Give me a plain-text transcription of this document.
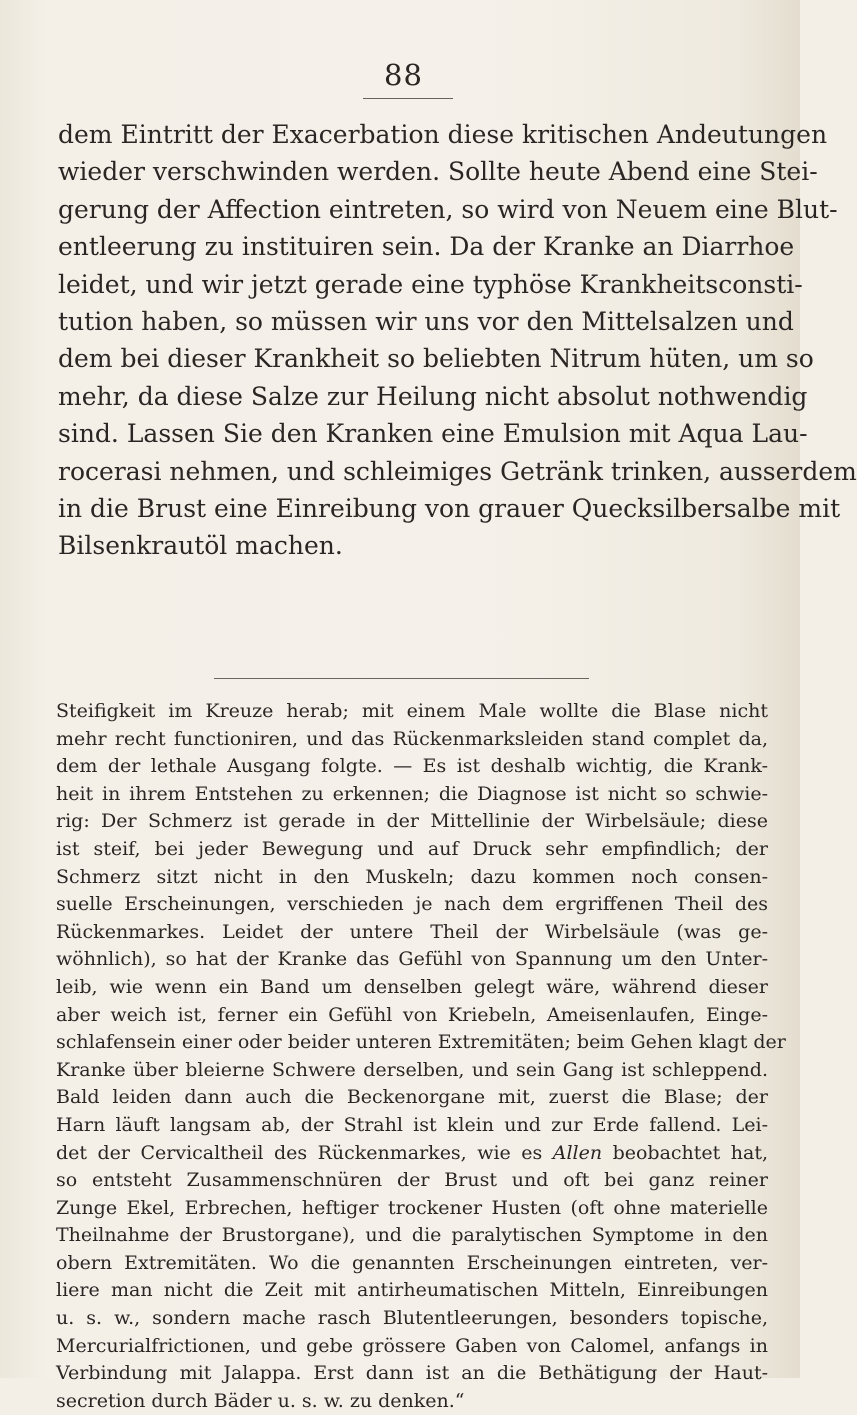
88
dem Eintritt der Exacerbation diese kritischen Andeutungen
wieder verschwinden werden. Sollte heute Abend eine Stei-
gerung der Affection eintreten, so wird von Neuem eine Blut-
entleerung zu instituiren sein. Da der Kranke an Diarrhoe
leidet, und wir jetzt gerade eine typhöse Krankheitsconsti-
tution haben, so müssen wir uns vor den Mittelsalzen und
dem bei dieser Krankheit so beliebten Nitrum hüten, um so
mehr, da diese Salze zur Heilung nicht absolut nothwendig
sind. Lassen Sie den Kranken eine Emulsion mit Aqua Lau-
rocerasi nehmen, und schleimiges Getränk trinken, ausserdem
in die Brust eine Einreibung von grauer Quecksilbersalbe mit
Bilsenkrautöl machen.
Steifigkeit im Kreuze herab; mit einem Male wollte die Blase nicht
mehr recht functioniren, und das Rückenmarksleiden stand complet da,
dem der lethale Ausgang folgte. — Es ist deshalb wichtig, die Krank-
heit in ihrem Entstehen zu erkennen; die Diagnose ist nicht so schwie-
rig: Der Schmerz ist gerade in der Mittellinie der Wirbelsäule; diese
ist steif, bei jeder Bewegung und auf Druck sehr empfindlich; der
Schmerz sitzt nicht in den Muskeln; dazu kommen noch consen-
suelle Erscheinungen, verschieden je nach dem ergriffenen Theil des
Rückenmarkes. Leidet der untere Theil der Wirbelsäule (was ge-
wöhnlich), so hat der Kranke das Gefühl von Spannung um den Unter-
leib, wie wenn ein Band um denselben gelegt wäre, während dieser
aber weich ist, ferner ein Gefühl von Kriebeln, Ameisenlaufen, Einge-
schlafensein einer oder beider unteren Extremitäten; beim Gehen klagt der
Kranke über bleierne Schwere derselben, und sein Gang ist schleppend.
Bald leiden dann auch die Beckenorgane mit, zuerst die Blase; der
Harn läuft langsam ab, der Strahl ist klein und zur Erde fallend. Lei-
det der Cervicaltheil des Rückenmarkes, wie es Allen beobachtet hat,
so entsteht Zusammenschnüren der Brust und oft bei ganz reiner
Zunge Ekel, Erbrechen, heftiger trockener Husten (oft ohne materielle
Theilnahme der Brustorgane), und die paralytischen Symptome in den
obern Extremitäten. Wo die genannten Erscheinungen eintreten, ver-
liere man nicht die Zeit mit antirheumatischen Mitteln, Einreibungen
u. s. w., sondern mache rasch Blutentleerungen, besonders topische,
Mercurialfrictionen, und gebe grössere Gaben von Calomel, anfangs in
Verbindung mit Jalappa. Erst dann ist an die Bethätigung der Haut-
secretion durch Bäder u. s. w. zu denken.“
